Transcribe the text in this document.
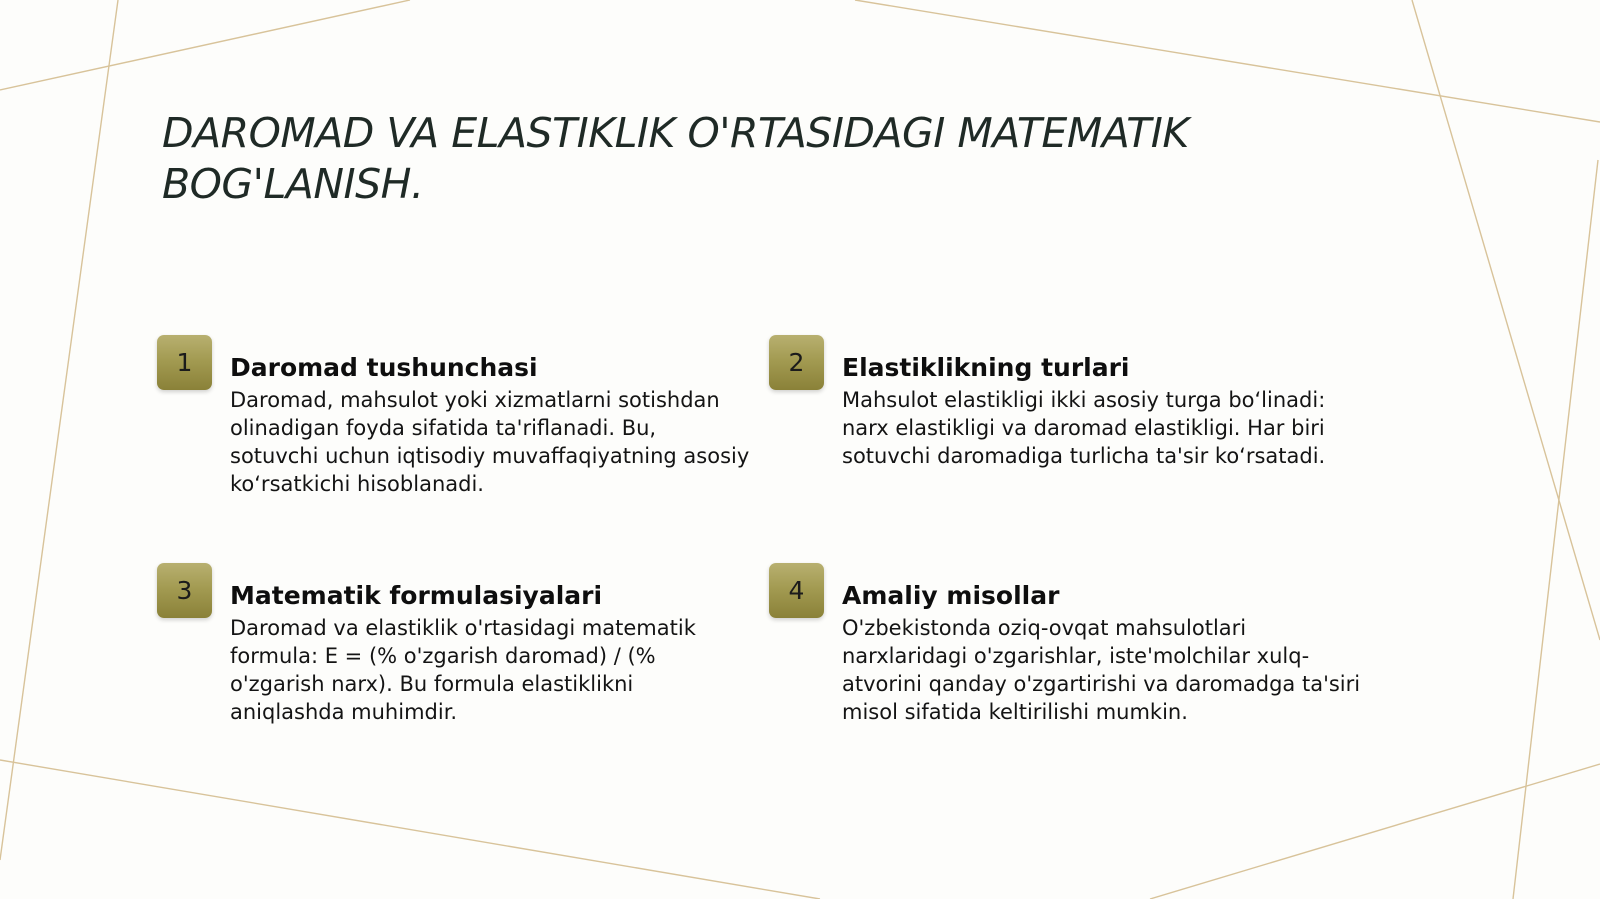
DAROMAD VA ELASTIKLIK O'RTASIDAGI MATEMATIK BOG'LANISH.
1	Daromad tushunchasi

Daromad, mahsulot yoki xizmatlarni sotishdan olinadigan foyda sifatida ta'riflanadi. Bu, sotuvchi uchun iqtisodiy muvaffaqiyatning asosiy ko‘rsatkichi hisoblanadi.

2	Elastiklikning turlari

Mahsulot elastikligi ikki asosiy turga bo‘linadi: narx elastikligi va daromad elastikligi. Har biri sotuvchi daromadiga turlicha ta'sir ko‘rsatadi.

3	Matematik formulasiyalari

Daromad va elastiklik o'rtasidagi matematik formula: E = (% o'zgarish daromad) / (% o'zgarish narx). Bu formula elastiklikni aniqlashda muhimdir.

4	Amaliy misollar

O'zbekistonda oziq-ovqat mahsulotlari narxlaridagi o'zgarishlar, iste'molchilar xulq-atvorini qanday o'zgartirishi va daromadga ta'siri misol sifatida keltirilishi mumkin.
